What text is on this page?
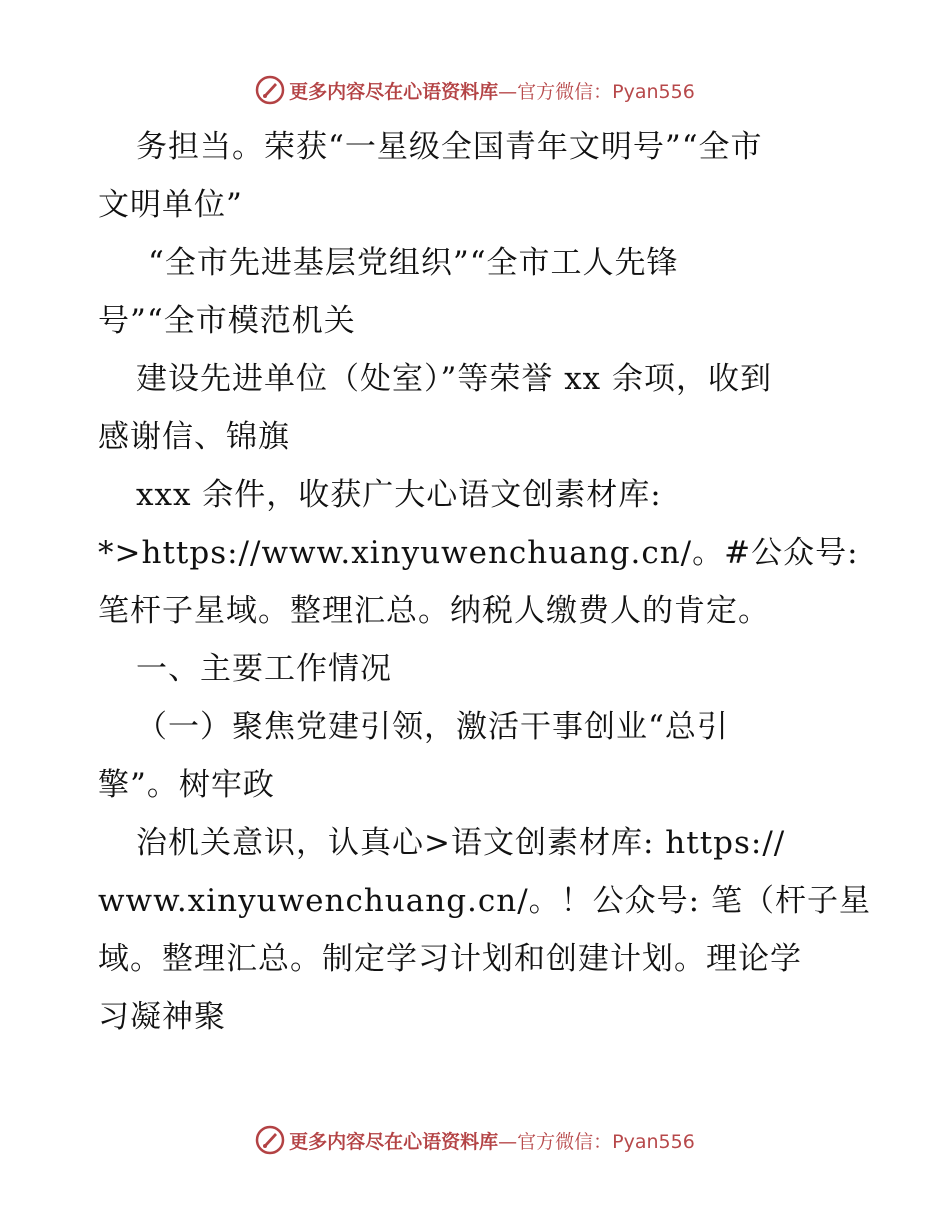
更多内容尽在心语资料库 —官方微信：Pyan556
务担当。荣获“一星级全国青年文明号”“全市
文明单位”
“全市先进基层党组织”“全市工人先锋
号”“全市模范机关
建设先进单位（处室）”等荣誉 xx 余项，收到
感谢信、锦旗
xxx 余件，收获广大心语文创素材库:
*>https://www.xinyuwenchuang.cn/。#公众号:
笔杆子星域。整理汇总。纳税人缴费人的肯定。
一、主要工作情况
（一）聚焦党建引领，激活干事创业“总引
擎”。树牢政
治机关意识，认真心>语文创素材库: https://
www.xinyuwenchuang.cn/。！公众号: 笔（杆子星
域。整理汇总。制定学习计划和创建计划。理论学
习凝神聚
更多内容尽在心语资料库 —官方微信：Pyan556
